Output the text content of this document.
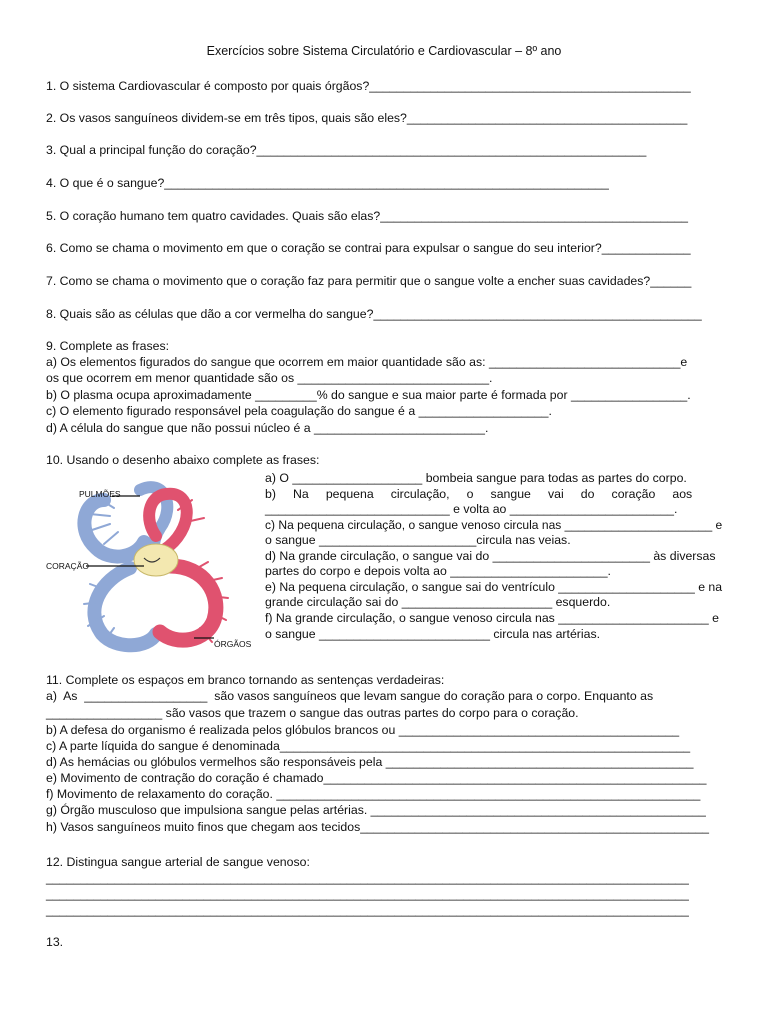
Exercícios sobre Sistema Circulatório e Cardiovascular – 8º ano
1. O sistema Cardiovascular é composto por quais órgãos?_______________________________________________
2. Os vasos sanguíneos dividem-se em três tipos, quais são eles?_________________________________________
3. Qual a principal função do coração?_________________________________________________________
4. O que é o sangue?_________________________________________________________________
5. O coração humano tem quatro cavidades. Quais são elas?_____________________________________________
6. Como se chama o movimento em que o coração se contrai para expulsar o sangue do seu interior?_____________
7. Como se chama o movimento que o coração faz para permitir que o sangue volte a encher suas cavidades?______
8. Quais são as células que dão a cor vermelha do sangue?________________________________________________
9. Complete as frases:
a) Os elementos figurados do sangue que ocorrem em maior quantidade são as: ____________________________e
os que ocorrem em menor quantidade são os ____________________________.
b) O plasma ocupa aproximadamente _________% do sangue e sua maior parte é formada por _________________.
c) O elemento figurado responsável pela coagulação do sangue é a ___________________.
d) A célula do sangue que não possui núcleo é a _________________________.
10. Usando o desenho abaixo complete as frases:
PULMÕES
CORAÇÃO
ÓRGÃOS
a) O ___________________ bombeia sangue para todas as partes do corpo.
b)     Na     pequena     circulação,     o     sangue     vai     do     coração     aos
___________________________ e volta ao ________________________.
c) Na pequena circulação, o sangue venoso circula nas ______________________ e
o sangue _______________________circula nas veias.
d) Na grande circulação, o sangue vai do _______________________ às diversas
partes do corpo e depois volta ao _______________________.
e) Na pequena circulação, o sangue sai do ventrículo ____________________ e na
grande circulação sai do ______________________ esquerdo.
f) Na grande circulação, o sangue venoso circula nas ______________________ e
o sangue _________________________ circula nas artérias.
11. Complete os espaços em branco tornando as sentenças verdadeiras:
a)  As  __________________  são vasos sanguíneos que levam sangue do coração para o corpo. Enquanto as
_________________ são vasos que trazem o sangue das outras partes do corpo para o coração.
b) A defesa do organismo é realizada pelos glóbulos brancos ou _________________________________________
c) A parte líquida do sangue é denominada____________________________________________________________
d) As hemácias ou glóbulos vermelhos são responsáveis pela _____________________________________________
e) Movimento de contração do coração é chamado________________________________________________________
f) Movimento de relaxamento do coração. ______________________________________________________________
g) Órgão musculoso que impulsiona sangue pelas artérias. _________________________________________________
h) Vasos sanguíneos muito finos que chegam aos tecidos___________________________________________________
12. Distingua sangue arterial de sangue venoso:
______________________________________________________________________________________________
______________________________________________________________________________________________
______________________________________________________________________________________________
13.
